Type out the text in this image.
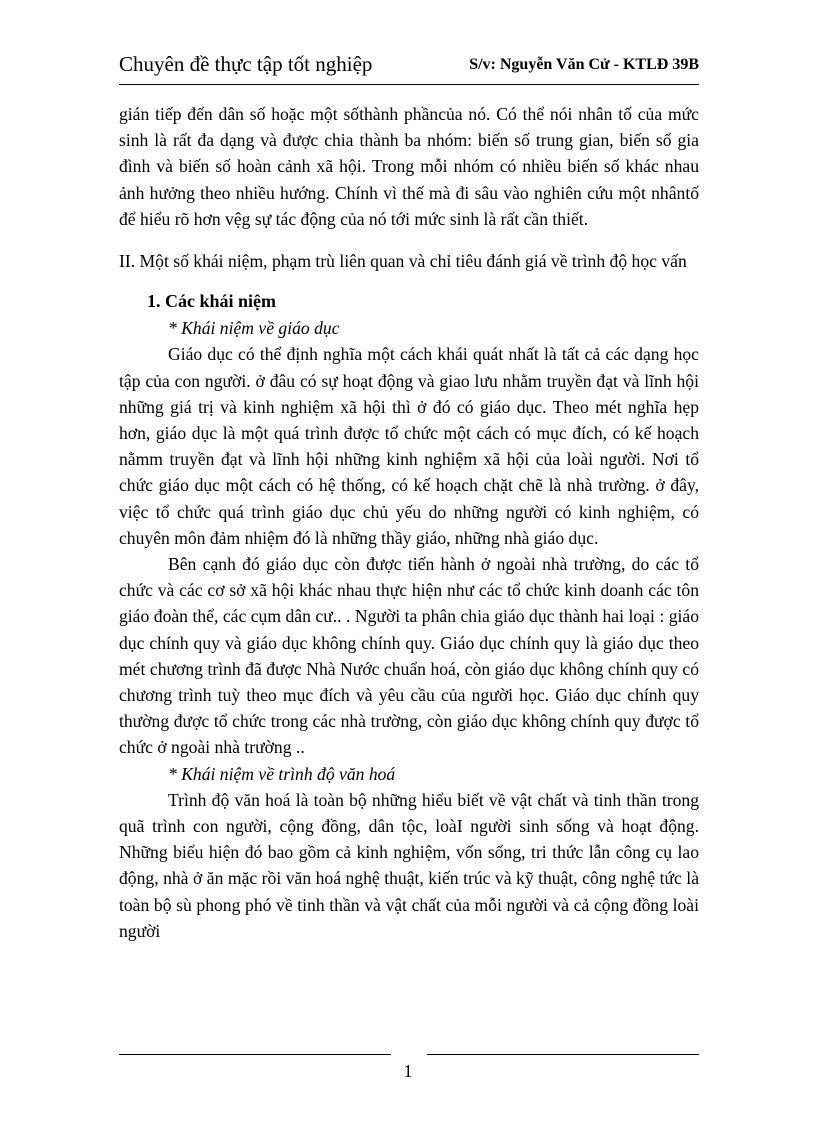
Chuyên đề thực tập tốt nghiệp	S/v: Nguyễn Văn Cử - KTLĐ 39B

gián tiếp đến dân số hoặc một sốthành phầncủa nó. Có thể nói nhân tố của mức sinh là rất đa dạng và được chia thành ba nhóm: biến số trung gian, biến số gia đình và biến số hoàn cảnh xã hội. Trong mỗi nhóm có nhiều biến số khác nhau ảnh hưởng theo nhiều hướng. Chính vì thế mà đi sâu vào nghiên cứu một nhântố để hiểu rõ hơn vệg sự tác động của nó tới mức sinh là rất cần thiết.

II. Một số khái niệm, phạm trù liên quan và chỉ tiêu đánh giá về trình độ học vấn

1. Các khái niệm

* Khái niệm về giáo dục

Giáo dục có thể định nghĩa một cách khái quát nhất là tất cả các dạng học tập của con người. ở đâu có sự hoạt động và giao lưu nhằm truyền đạt và lĩnh hội những giá trị và kinh nghiệm xã hội thì ở đó có giáo dục. Theo mét nghĩa hẹp hơn, giáo dục là một quá trình được tổ chức một cách có mục đích, có kế hoạch nằmm truyền đạt và lĩnh hội những kinh nghiệm xã hội của loài người. Nơi tổ chức giáo dục một cách có hệ thống, có kế hoạch chặt chẽ là nhà trường. ở đây, việc tổ chức quá trình giáo dục chủ yếu do những người có kinh nghiệm, có chuyên môn đảm nhiệm đó là những thầy giáo, những nhà giáo dục.

Bên cạnh đó giáo dục còn được tiến hành ở ngoài nhà trường, do các tổ chức và các cơ sở xã hội khác nhau thực hiện như các tổ chức kinh doanh các tôn giáo đoàn thể, các cụm dân cư.. . Người ta phân chia giáo dục thành hai loại : giáo dục chính quy và giáo dục không chính quy. Giáo dục chính quy là giáo dục theo mét chương trình đã được Nhà Nước chuẩn hoá, còn giáo dục không chính quy có chương trình tuỳ theo mục đích và yêu cầu của người học. Giáo dục chính quy thường được tổ chức trong các nhà trường, còn giáo dục không chính quy được tổ chức ở ngoài nhà trường ..

* Khái niệm về trình độ văn hoá

Trình độ văn hoá là toàn bộ những hiểu biết về vật chất và tinh thần trong quã trình con người, cộng đồng, dân tộc, loàI người sinh sống và hoạt động. Những biểu hiện đó bao gồm cả kinh nghiệm, vốn sống, tri thức lẫn công cụ lao động, nhà ở ăn mặc rồi văn hoá nghệ thuật, kiến trúc và kỹ thuật, công nghệ tức là toàn bộ sù phong phó về tinh thần và vật chất của mỗi người và cả cộng đồng loài người

1
